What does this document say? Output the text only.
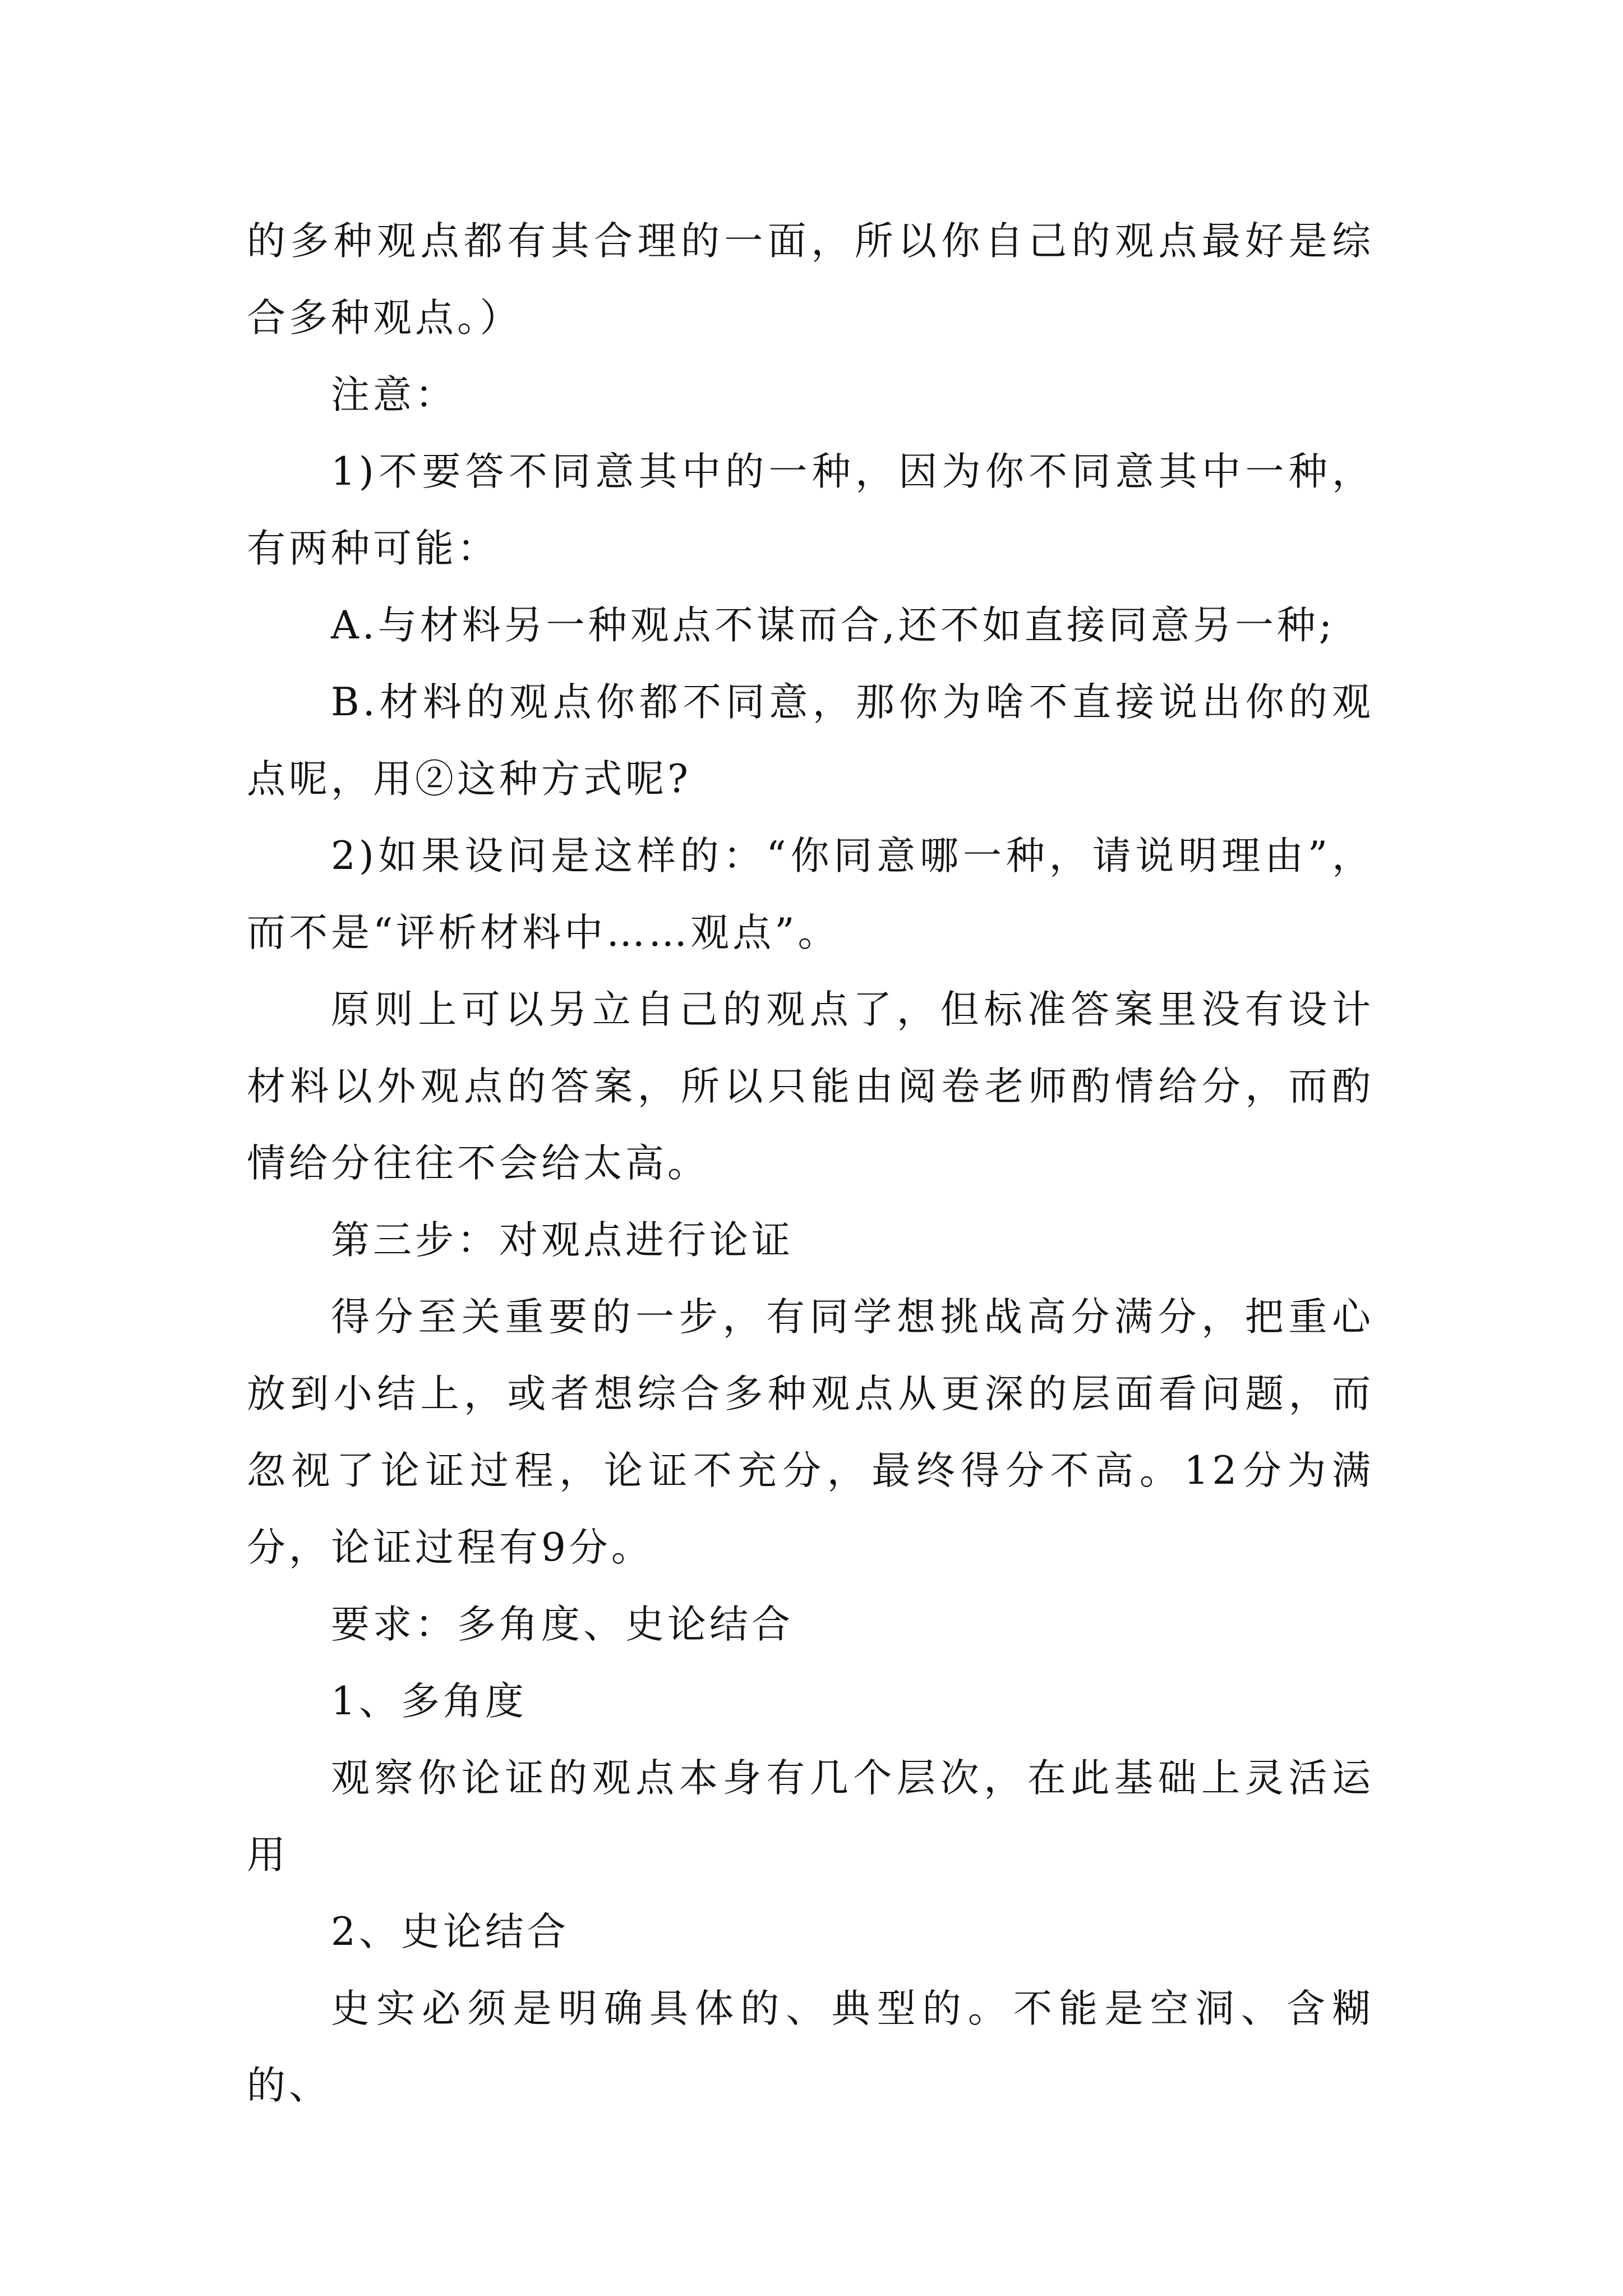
的多种观点都有其合理的一面，所以你自己的观点最好是综合多种观点。）

注意：

1)不要答不同意其中的一种，因为你不同意其中一种，有两种可能：

A.与材料另一种观点不谋而合,还不如直接同意另一种;

B.材料的观点你都不同意，那你为啥不直接说出你的观点呢，用②这种方式呢?

2)如果设问是这样的：“你同意哪一种，请说明理由”，而不是“评析材料中……观点”。

原则上可以另立自己的观点了，但标准答案里没有设计材料以外观点的答案，所以只能由阅卷老师酌情给分，而酌情给分往往不会给太高。

第三步：对观点进行论证

得分至关重要的一步，有同学想挑战高分满分，把重心放到小结上，或者想综合多种观点从更深的层面看问题，而忽视了论证过程，论证不充分，最终得分不高。12分为满分，论证过程有9分。

要求：多角度、史论结合

1、多角度

观察你论证的观点本身有几个层次，在此基础上灵活运用

2、史论结合

史实必须是明确具体的、典型的。不能是空洞、含糊的、
